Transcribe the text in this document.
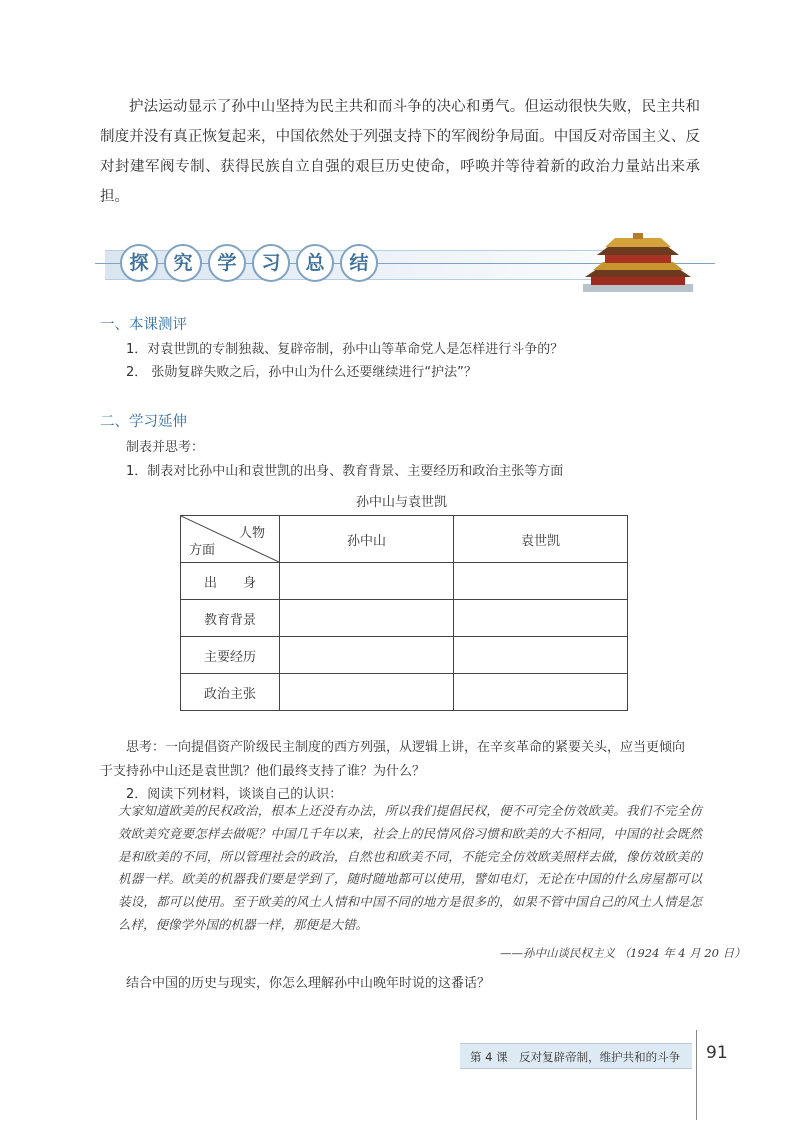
护法运动显示了孙中山坚持为民主共和而斗争的决心和勇气。但运动很快失败，民主共和制度并没有真正恢复起来，中国依然处于列强支持下的军阀纷争局面。中国反对帝国主义、反对封建军阀专制、获得民族自立自强的艰巨历史使命，呼唤并等待着新的政治力量站出来承担。

探	究	学	习	总	结
一、本课测评
1．对袁世凯的专制独裁、复辟帝制，孙中山等革命党人是怎样进行斗争的？
2． 张勋复辟失败之后，孙中山为什么还要继续进行“护法”？
二、学习延伸
制表并思考：
1．制表对比孙中山和袁世凯的出身、教育背景、主要经历和政治主张等方面
孙中山与袁世凯
人物
方面	孙中山	袁世凯
出　　身		
教育背景		
主要经历		
政治主张		
思考：一向提倡资产阶级民主制度的西方列强，从逻辑上讲，在辛亥革命的紧要关头，应当更倾向
于支持孙中山还是袁世凯？他们最终支持了谁？为什么？
2．阅读下列材料，谈谈自己的认识：

大家知道欧美的民权政治，根本上还没有办法，所以我们提倡民权，便不可完全仿效欧美。我们不完全仿效欧美究竟要怎样去做呢？中国几千年以来，社会上的民情风俗习惯和欧美的大不相同，中国的社会既然是和欧美的不同，所以管理社会的政治，自然也和欧美不同，不能完全仿效欧美照样去做，像仿效欧美的机器一样。欧美的机器我们要是学到了，随时随地都可以使用，譬如电灯，无论在中国的什么房屋都可以装设，都可以使用。至于欧美的风土人情和中国不同的地方是很多的，如果不管中国自己的风土人情是怎么样，便像学外国的机器一样，那便是大错。

——孙中山谈民权主义 （1924 年 4 月 20 日）
结合中国的历史与现实，你怎么理解孙中山晚年时说的这番话？
第 4 课　反对复辟帝制，维护共和的斗争 91
